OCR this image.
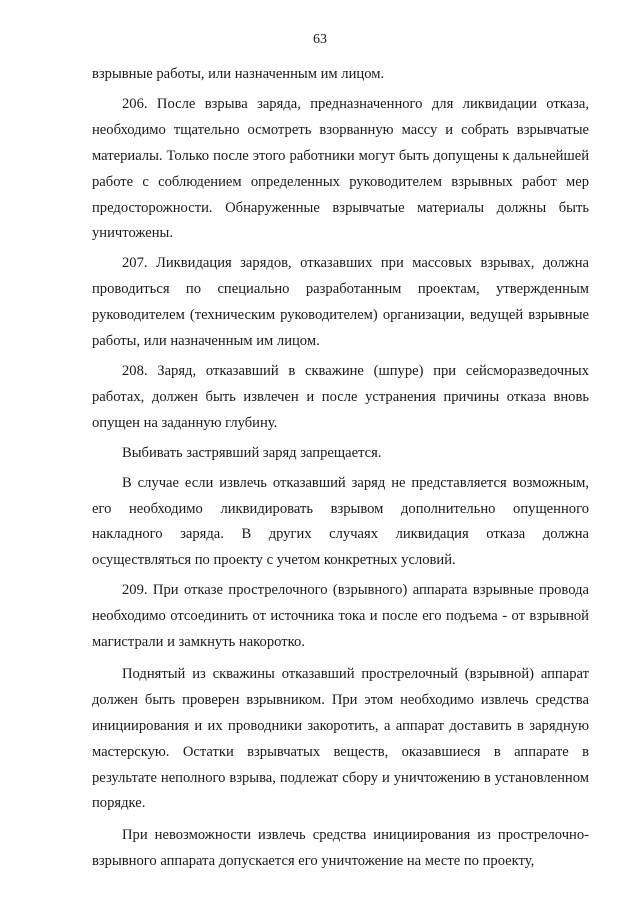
63

взрывные работы, или назначенным им лицом.

206. После взрыва заряда, предназначенного для ликвидации отказа, необходимо тщательно осмотреть взорванную массу и собрать взрывчатые материалы. Только после этого работники могут быть допущены к дальнейшей работе с соблюдением определенных руководителем взрывных работ мер предосторожности. Обнаруженные взрывчатые материалы должны быть уничтожены.

207. Ликвидация зарядов, отказавших при массовых взрывах, должна проводиться по специально разработанным проектам, утвержденным руководителем (техническим руководителем) организации, ведущей взрывные работы, или назначенным им лицом.

208. Заряд, отказавший в скважине (шпуре) при сейсморазведочных работах, должен быть извлечен и после устранения причины отказа вновь опущен на заданную глубину.

Выбивать застрявший заряд запрещается.

В случае если извлечь отказавший заряд не представляется возможным, его необходимо ликвидировать взрывом дополнительно опущенного накладного заряда. В других случаях ликвидация отказа должна осуществляться по проекту с учетом конкретных условий.

209. При отказе прострелочного (взрывного) аппарата взрывные провода необходимо отсоединить от источника тока и после его подъема - от взрывной магистрали и замкнуть накоротко.

Поднятый из скважины отказавший прострелочный (взрывной) аппарат должен быть проверен взрывником. При этом необходимо извлечь средства инициирования и их проводники закоротить, а аппарат доставить в зарядную мастерскую. Остатки взрывчатых веществ, оказавшиеся в аппарате в результате неполного взрыва, подлежат сбору и уничтожению в установленном порядке.

При невозможности извлечь средства инициирования из прострелочно-взрывного аппарата допускается его уничтожение на месте по проекту,
